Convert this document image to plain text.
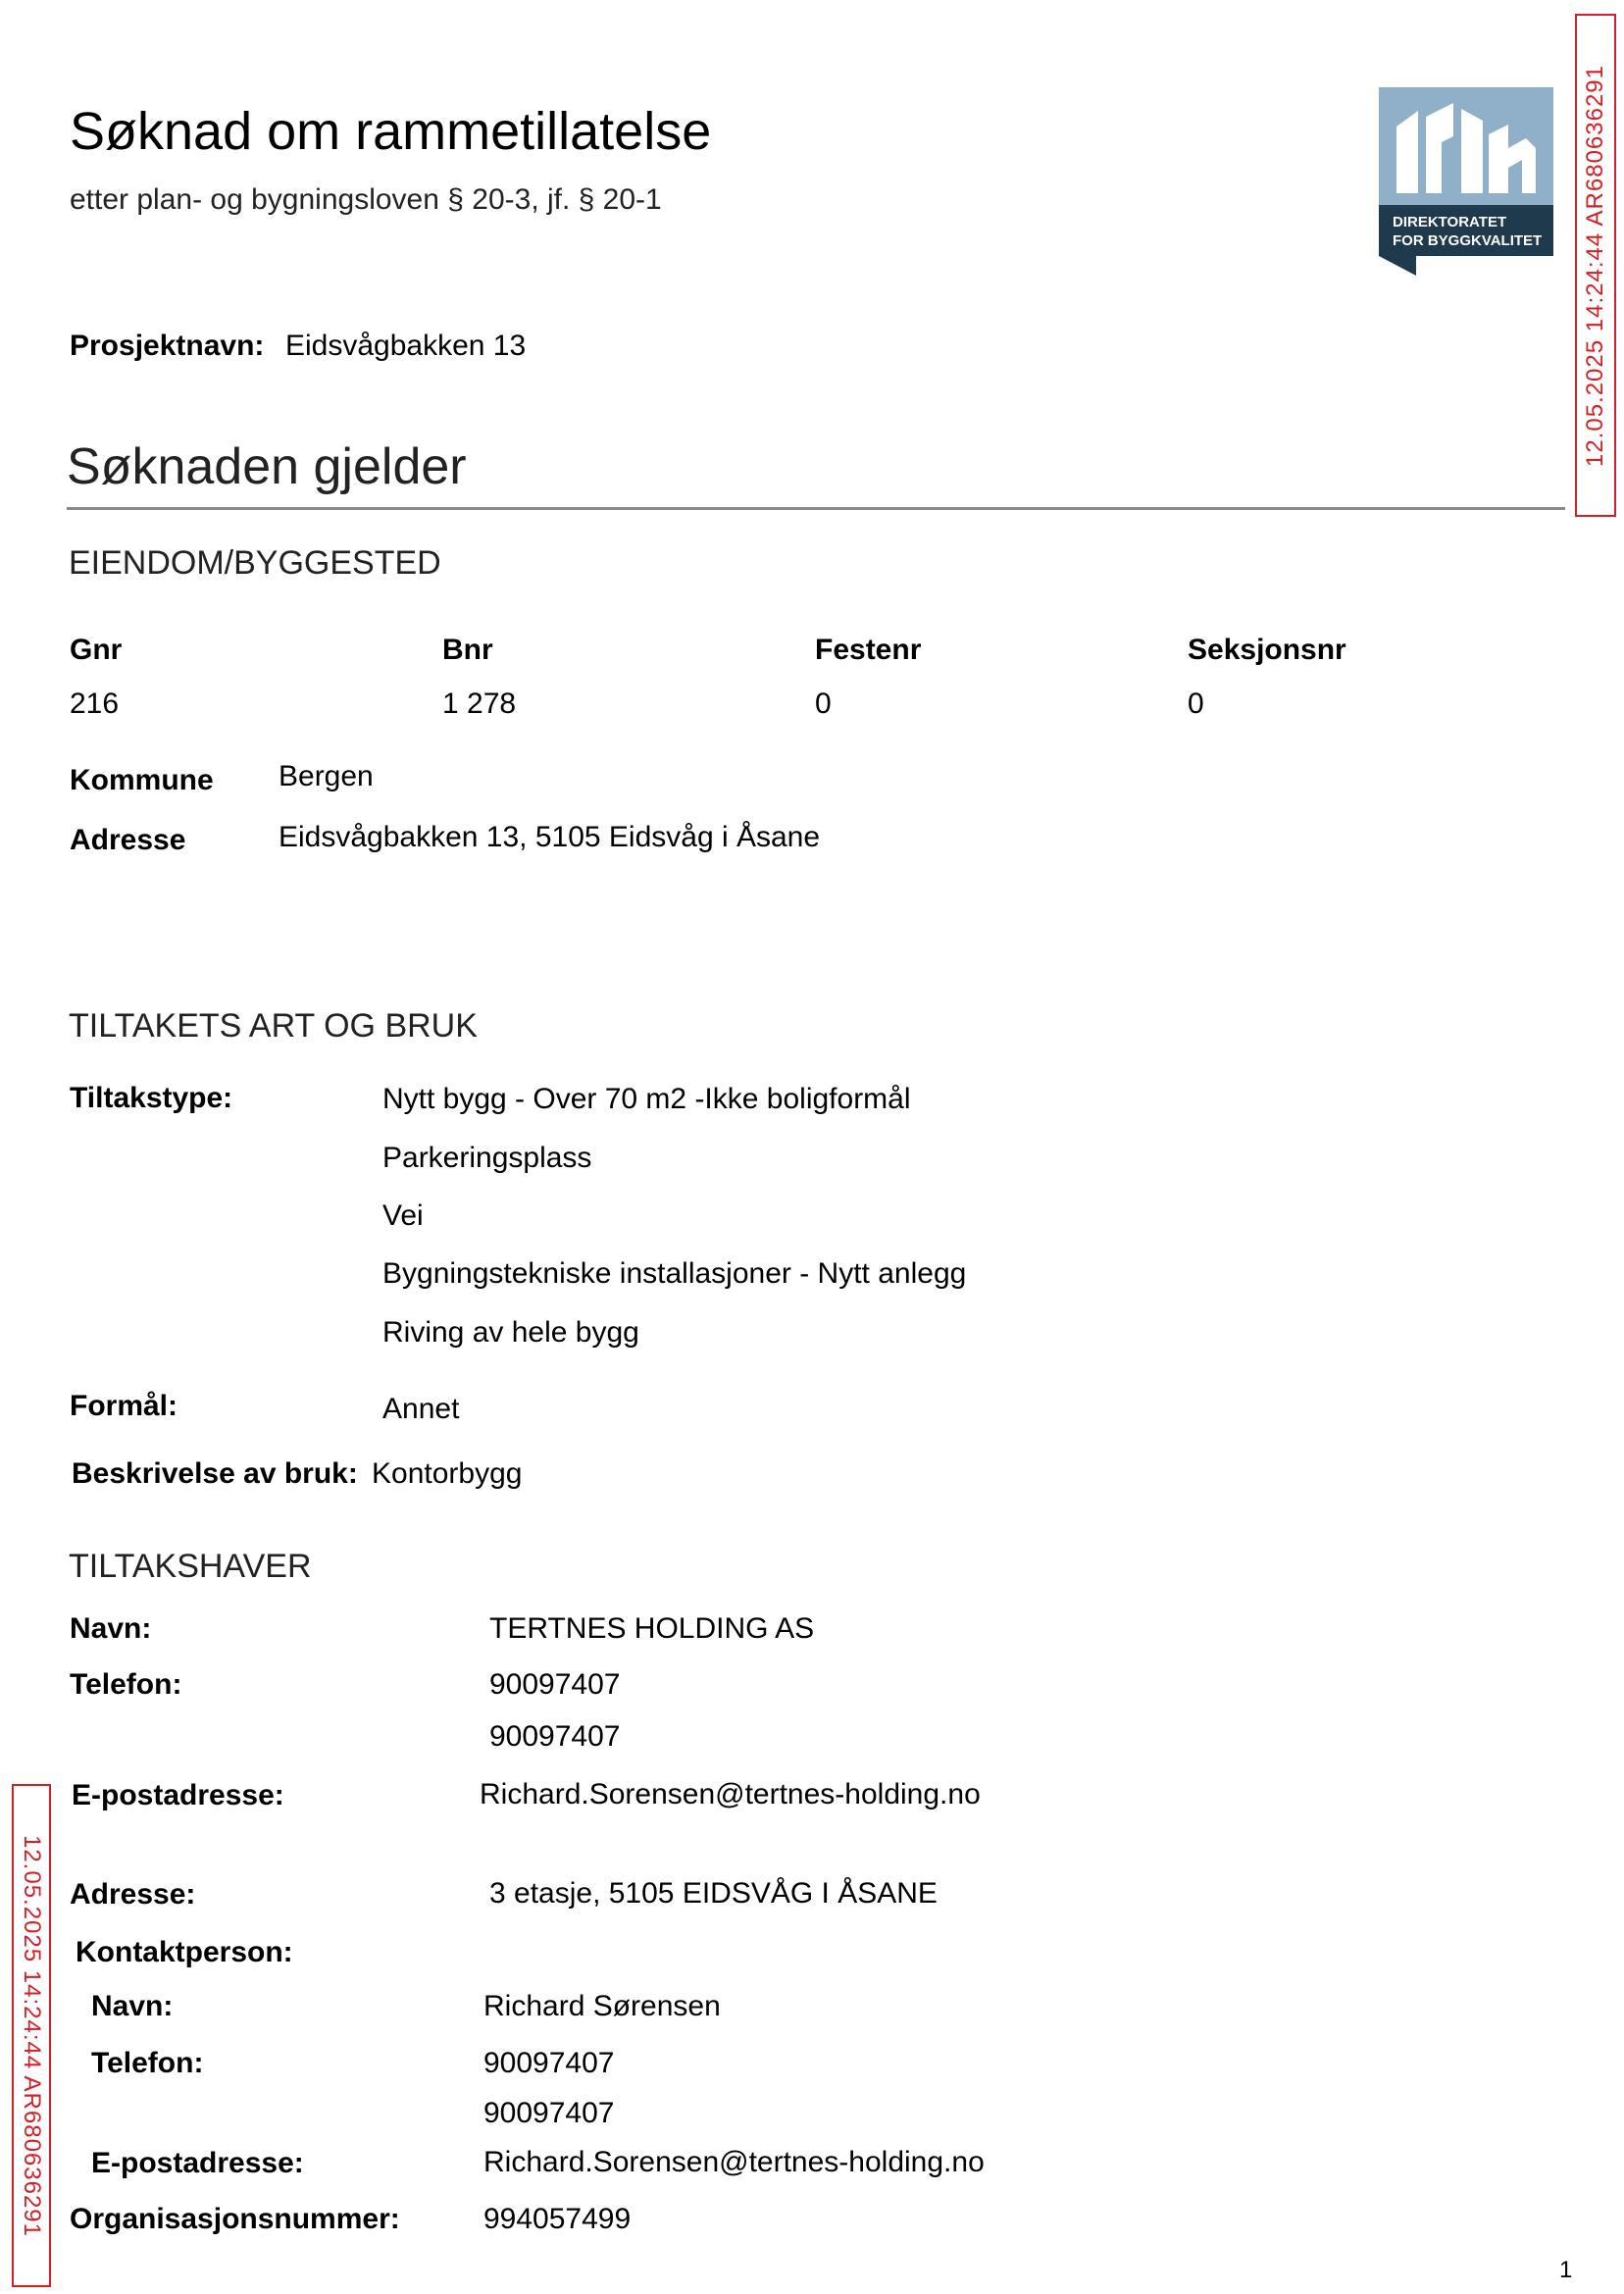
Søknad om rammetillatelse
etter plan- og bygningsloven § 20-3, jf. § 20-1
DIREKTORATET
FOR BYGGKVALITET 12.05.2025 14:24:44 AR680636291
12.05.2025 14:24:44 AR680636291
Prosjektnavn: Eidsvågbakken 13
Søknaden gjelder
EIENDOM/BYGGESTED
Gnr	Bnr	Festenr	Seksjonsnr
216	1 278	0	0
Kommune Bergen
Adresse	Eidsvågbakken 13, 5105 Eidsvåg i Åsane
TILTAKETS ART OG BRUK
Tiltakstype:	Nytt bygg - Over 70 m2 -Ikke boligformål
Parkeringsplass
Vei
Bygningstekniske installasjoner - Nytt anlegg
Riving av hele bygg
Formål:	Annet
Beskrivelse av bruk: Kontorbygg
TILTAKSHAVER
Navn:	TERTNES HOLDING AS
Telefon:	90097407
90097407
E-postadresse:	Richard.Sorensen@tertnes-holding.no
Adresse:	3 etasje, 5105 EIDSVÅG I ÅSANE
Kontaktperson:
Navn:	Richard Sørensen
Telefon:	90097407
90097407
E-postadresse:	Richard.Sorensen@tertnes-holding.no
Organisasjonsnummer:	994057499
1
